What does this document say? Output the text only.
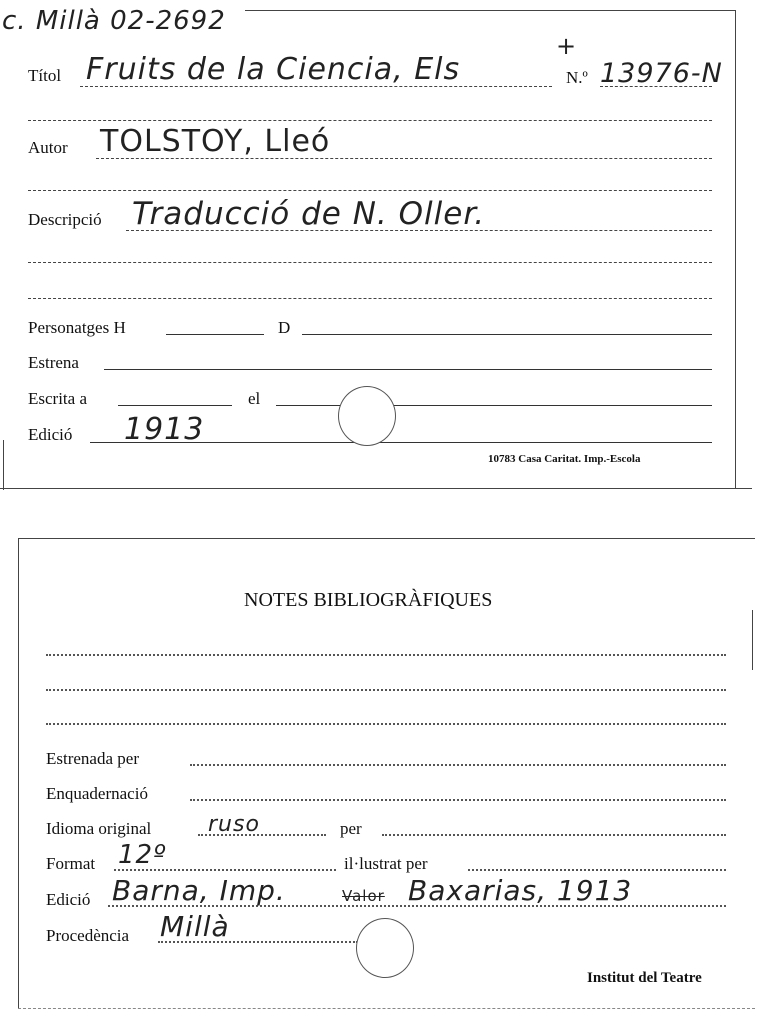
c. Millà 02-2692
Títol Fruits de la Ciencia, Els
+
N.º 13976-N
Autor TOLSTOY, Lleó
Descripció Traducció de N. Oller.
Personatges H	D
Estrena
Escrita a	el
Edició 1913
10783 Casa Caritat. Imp.-Escola
NOTES BIBLIOGRÀFIQUES
Estrenada per
Enquadernació
Idioma original	ruso	per
Format 12º	il·lustrat per
Edició Barna, Imp.	Valor Baxarias, 1913
Procedència Millà
Institut del Teatre
